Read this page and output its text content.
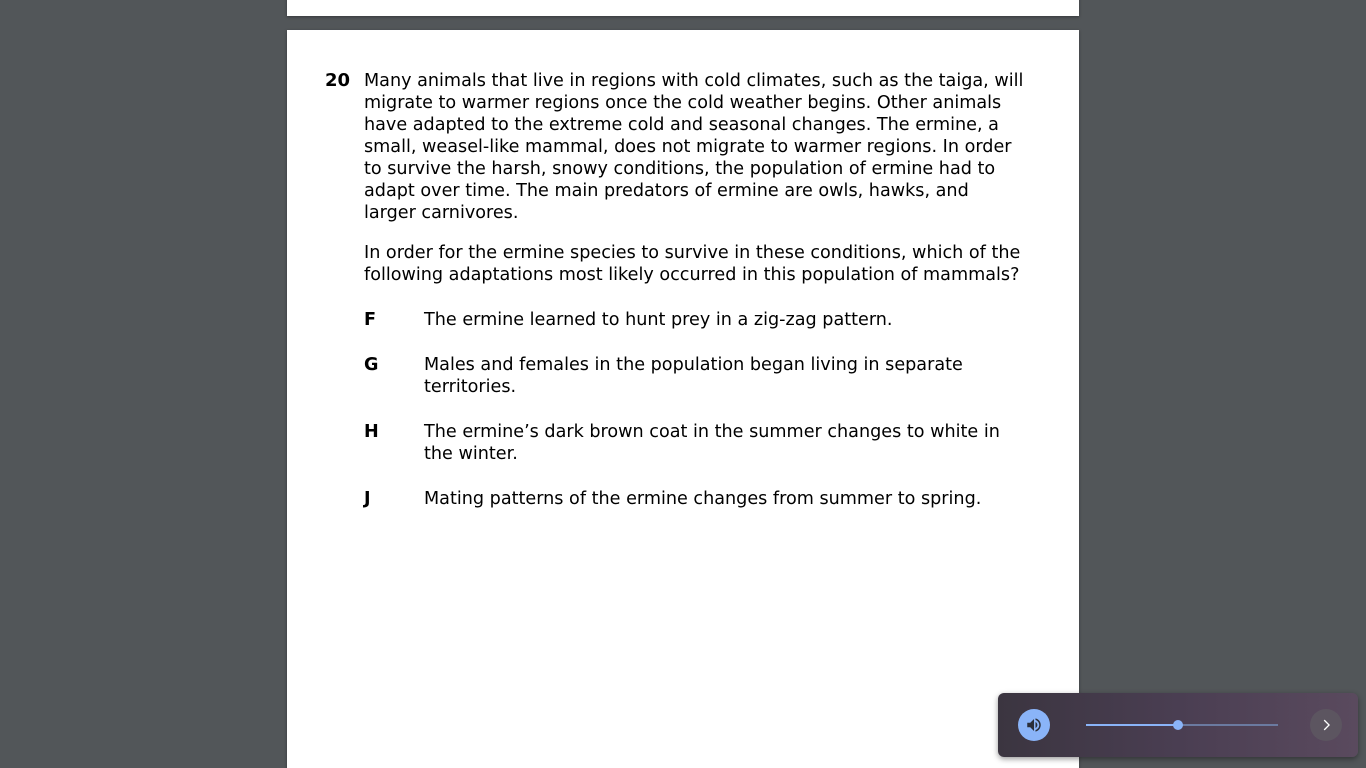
20 Many animals that live in regions with cold climates, such as the taiga, will migrate to warmer regions once the cold weather begins. Other animals have adapted to the extreme cold and seasonal changes. The ermine, a small, weasel-like mammal, does not migrate to warmer regions. In order to survive the harsh, snowy conditions, the population of ermine had to adapt over time. The main predators of ermine are owls, hawks, and larger carnivores.

In order for the ermine species to survive in these conditions, which of the following adaptations most likely occurred in this population of mammals?

F	The ermine learned to hunt prey in a zig-zag pattern.
G	Males and females in the population began living in separate territories.
H	The ermine’s dark brown coat in the summer changes to white in the winter.
J	Mating patterns of the ermine changes from summer to spring.
